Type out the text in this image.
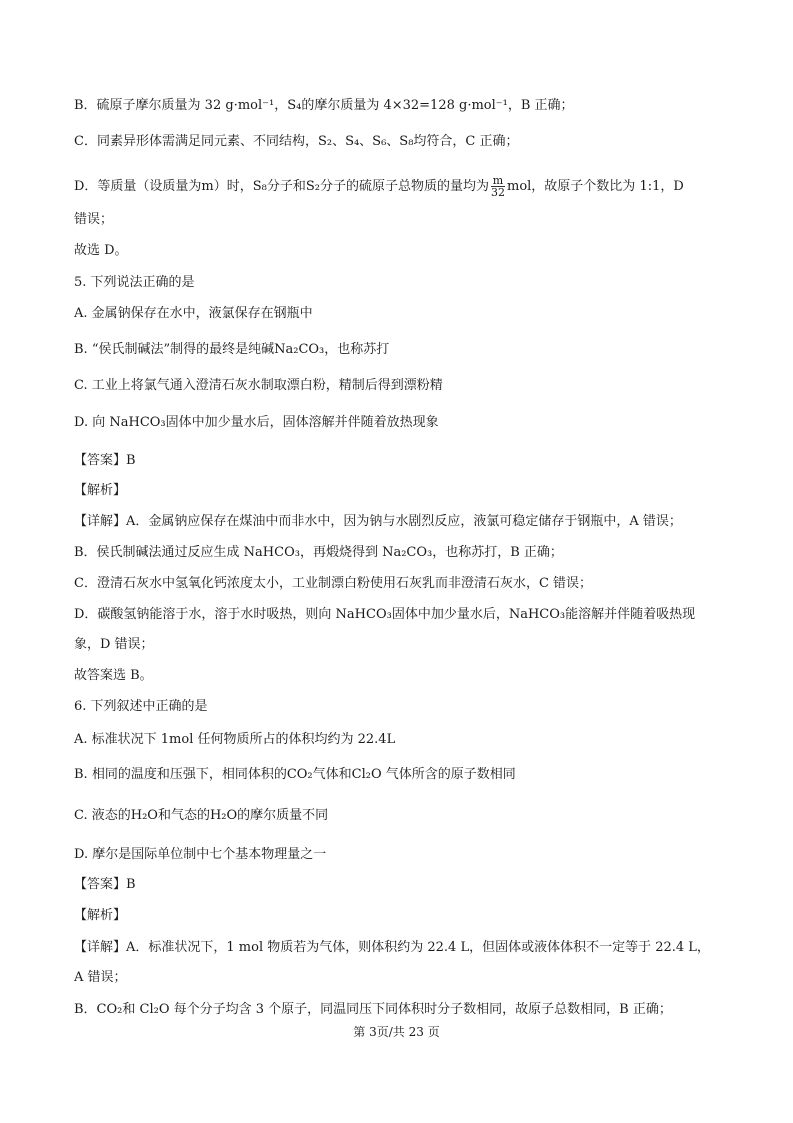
B．硫原子摩尔质量为 32 g·mol⁻¹，S₄的摩尔质量为 4×32=128 g·mol⁻¹，B 正确；
C．同素异形体需满足同元素、不同结构，S₂、S₄、S₆、S₈均符合，C 正确；
D．等质量（设质量为m）时，S₈分子和S₂分子的硫原子总物质的量均为 $\frac{m}{32}$ mol，故原子个数比为 1:1，D
错误；
故选 D。
5. 下列说法正确的是
A. 金属钠保存在水中，液氯保存在钢瓶中
B. “侯氏制碱法”制得的最终是纯碱Na₂CO₃，也称苏打
C. 工业上将氯气通入澄清石灰水制取漂白粉，精制后得到漂粉精
D. 向 NaHCO₃固体中加少量水后，固体溶解并伴随着放热现象
【答案】B
【解析】
【详解】A．金属钠应保存在煤油中而非水中，因为钠与水剧烈反应，液氯可稳定储存于钢瓶中，A 错误；
B．侯氏制碱法通过反应生成 NaHCO₃，再煅烧得到 Na₂CO₃，也称苏打，B 正确；
C．澄清石灰水中氢氧化钙浓度太小，工业制漂白粉使用石灰乳而非澄清石灰水，C 错误；
D．碳酸氢钠能溶于水，溶于水时吸热，则向 NaHCO₃固体中加少量水后，NaHCO₃能溶解并伴随着吸热现
象，D 错误；
故答案选 B。
6. 下列叙述中正确的是
A. 标准状况下 1mol 任何物质所占的体积均约为 22.4L
B. 相同的温度和压强下，相同体积的CO₂气体和Cl₂O 气体所含的原子数相同
C. 液态的H₂O和气态的H₂O的摩尔质量不同
D. 摩尔是国际单位制中七个基本物理量之一
【答案】B
【解析】
【详解】A．标准状况下，1 mol 物质若为气体，则体积约为 22.4 L，但固体或液体体积不一定等于 22.4 L，
A 错误；
B．CO₂和 Cl₂O 每个分子均含 3 个原子，同温同压下同体积时分子数相同，故原子总数相同，B 正确；
第 3页/共 23 页
